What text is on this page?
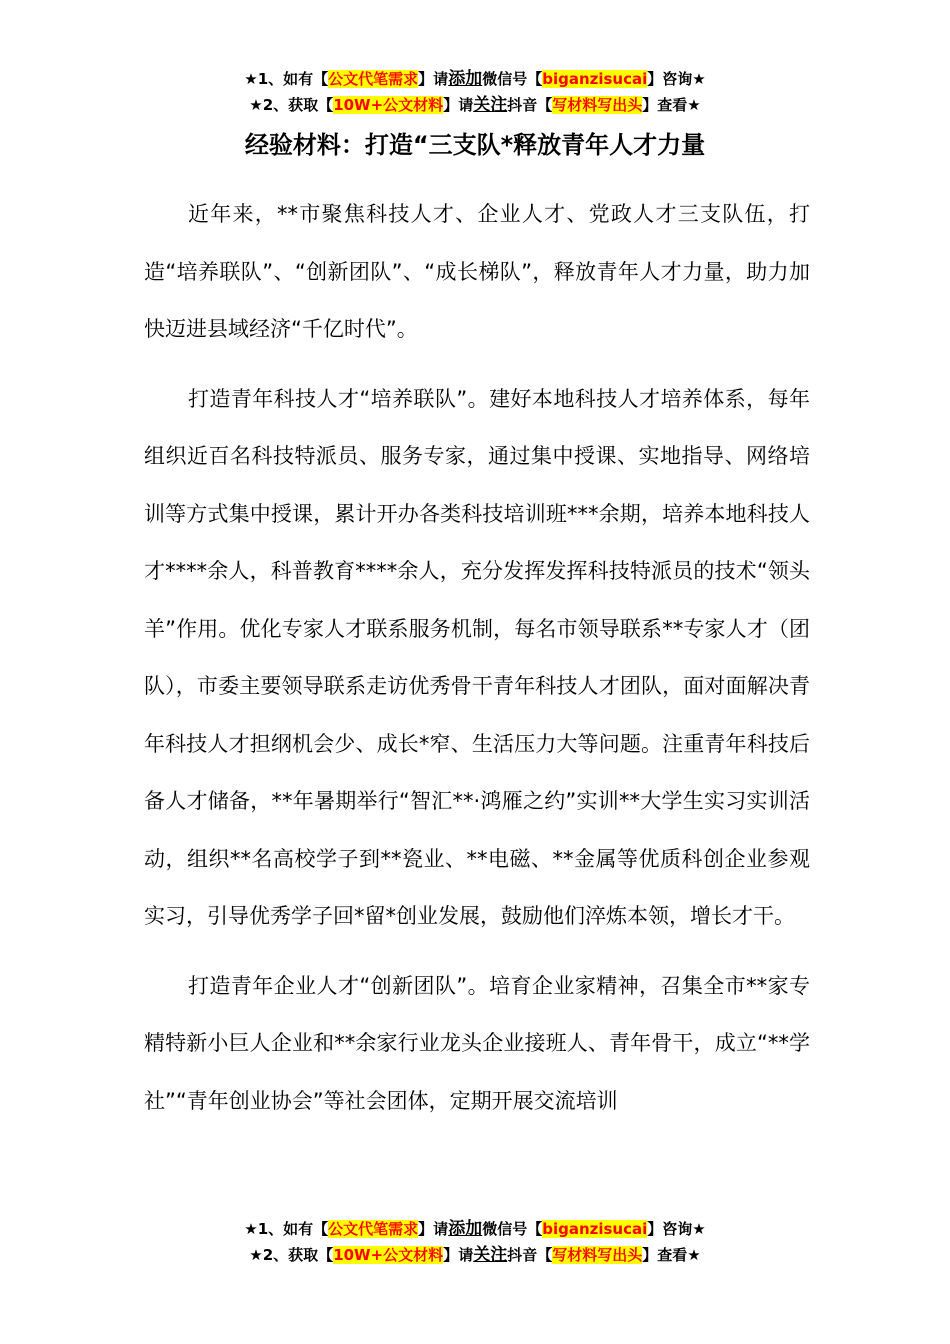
★1、如有【公文代笔需求】请添加微信号【biganzisucai】咨询★
★2、获取【10W+公文材料】请关注抖音【写材料写出头】查看★
经验材料：打造“三支队*释放青年人才力量

近年来，**市聚焦科技人才、企业人才、党政人才三支队伍，打造“培养联队”、“创新团队”、“成长梯队”，释放青年人才力量，助力加快迈进县域经济“千亿时代”。

打造青年科技人才“培养联队”。建好本地科技人才培养体系，每年组织近百名科技特派员、服务专家，通过集中授课、实地指导、网络培训等方式集中授课，累计开办各类科技培训班***余期，培养本地科技人才****余人，科普教育****余人，充分发挥发挥科技特派员的技术“领头羊”作用。优化专家人才联系服务机制，每名市领导联系**专家人才（团队），市委主要领导联系走访优秀骨干青年科技人才团队，面对面解决青年科技人才担纲机会少、成长*窄、生活压力大等问题。注重青年科技后备人才储备，**年暑期举行“智汇**·鸿雁之约”实训**大学生实习实训活动，组织**名高校学子到**瓷业、**电磁、**金属等优质科创企业参观实习，引导优秀学子回*留*创业发展，鼓励他们淬炼本领，增长才干。

打造青年企业人才“创新团队”。培育企业家精神，召集全市**家专精特新小巨人企业和**余家行业龙头企业接班人、青年骨干，成立“**学社”“青年创业协会”等社会团体，定期开展交流培训

★1、如有【公文代笔需求】请添加微信号【biganzisucai】咨询★
★2、获取【10W+公文材料】请关注抖音【写材料写出头】查看★
